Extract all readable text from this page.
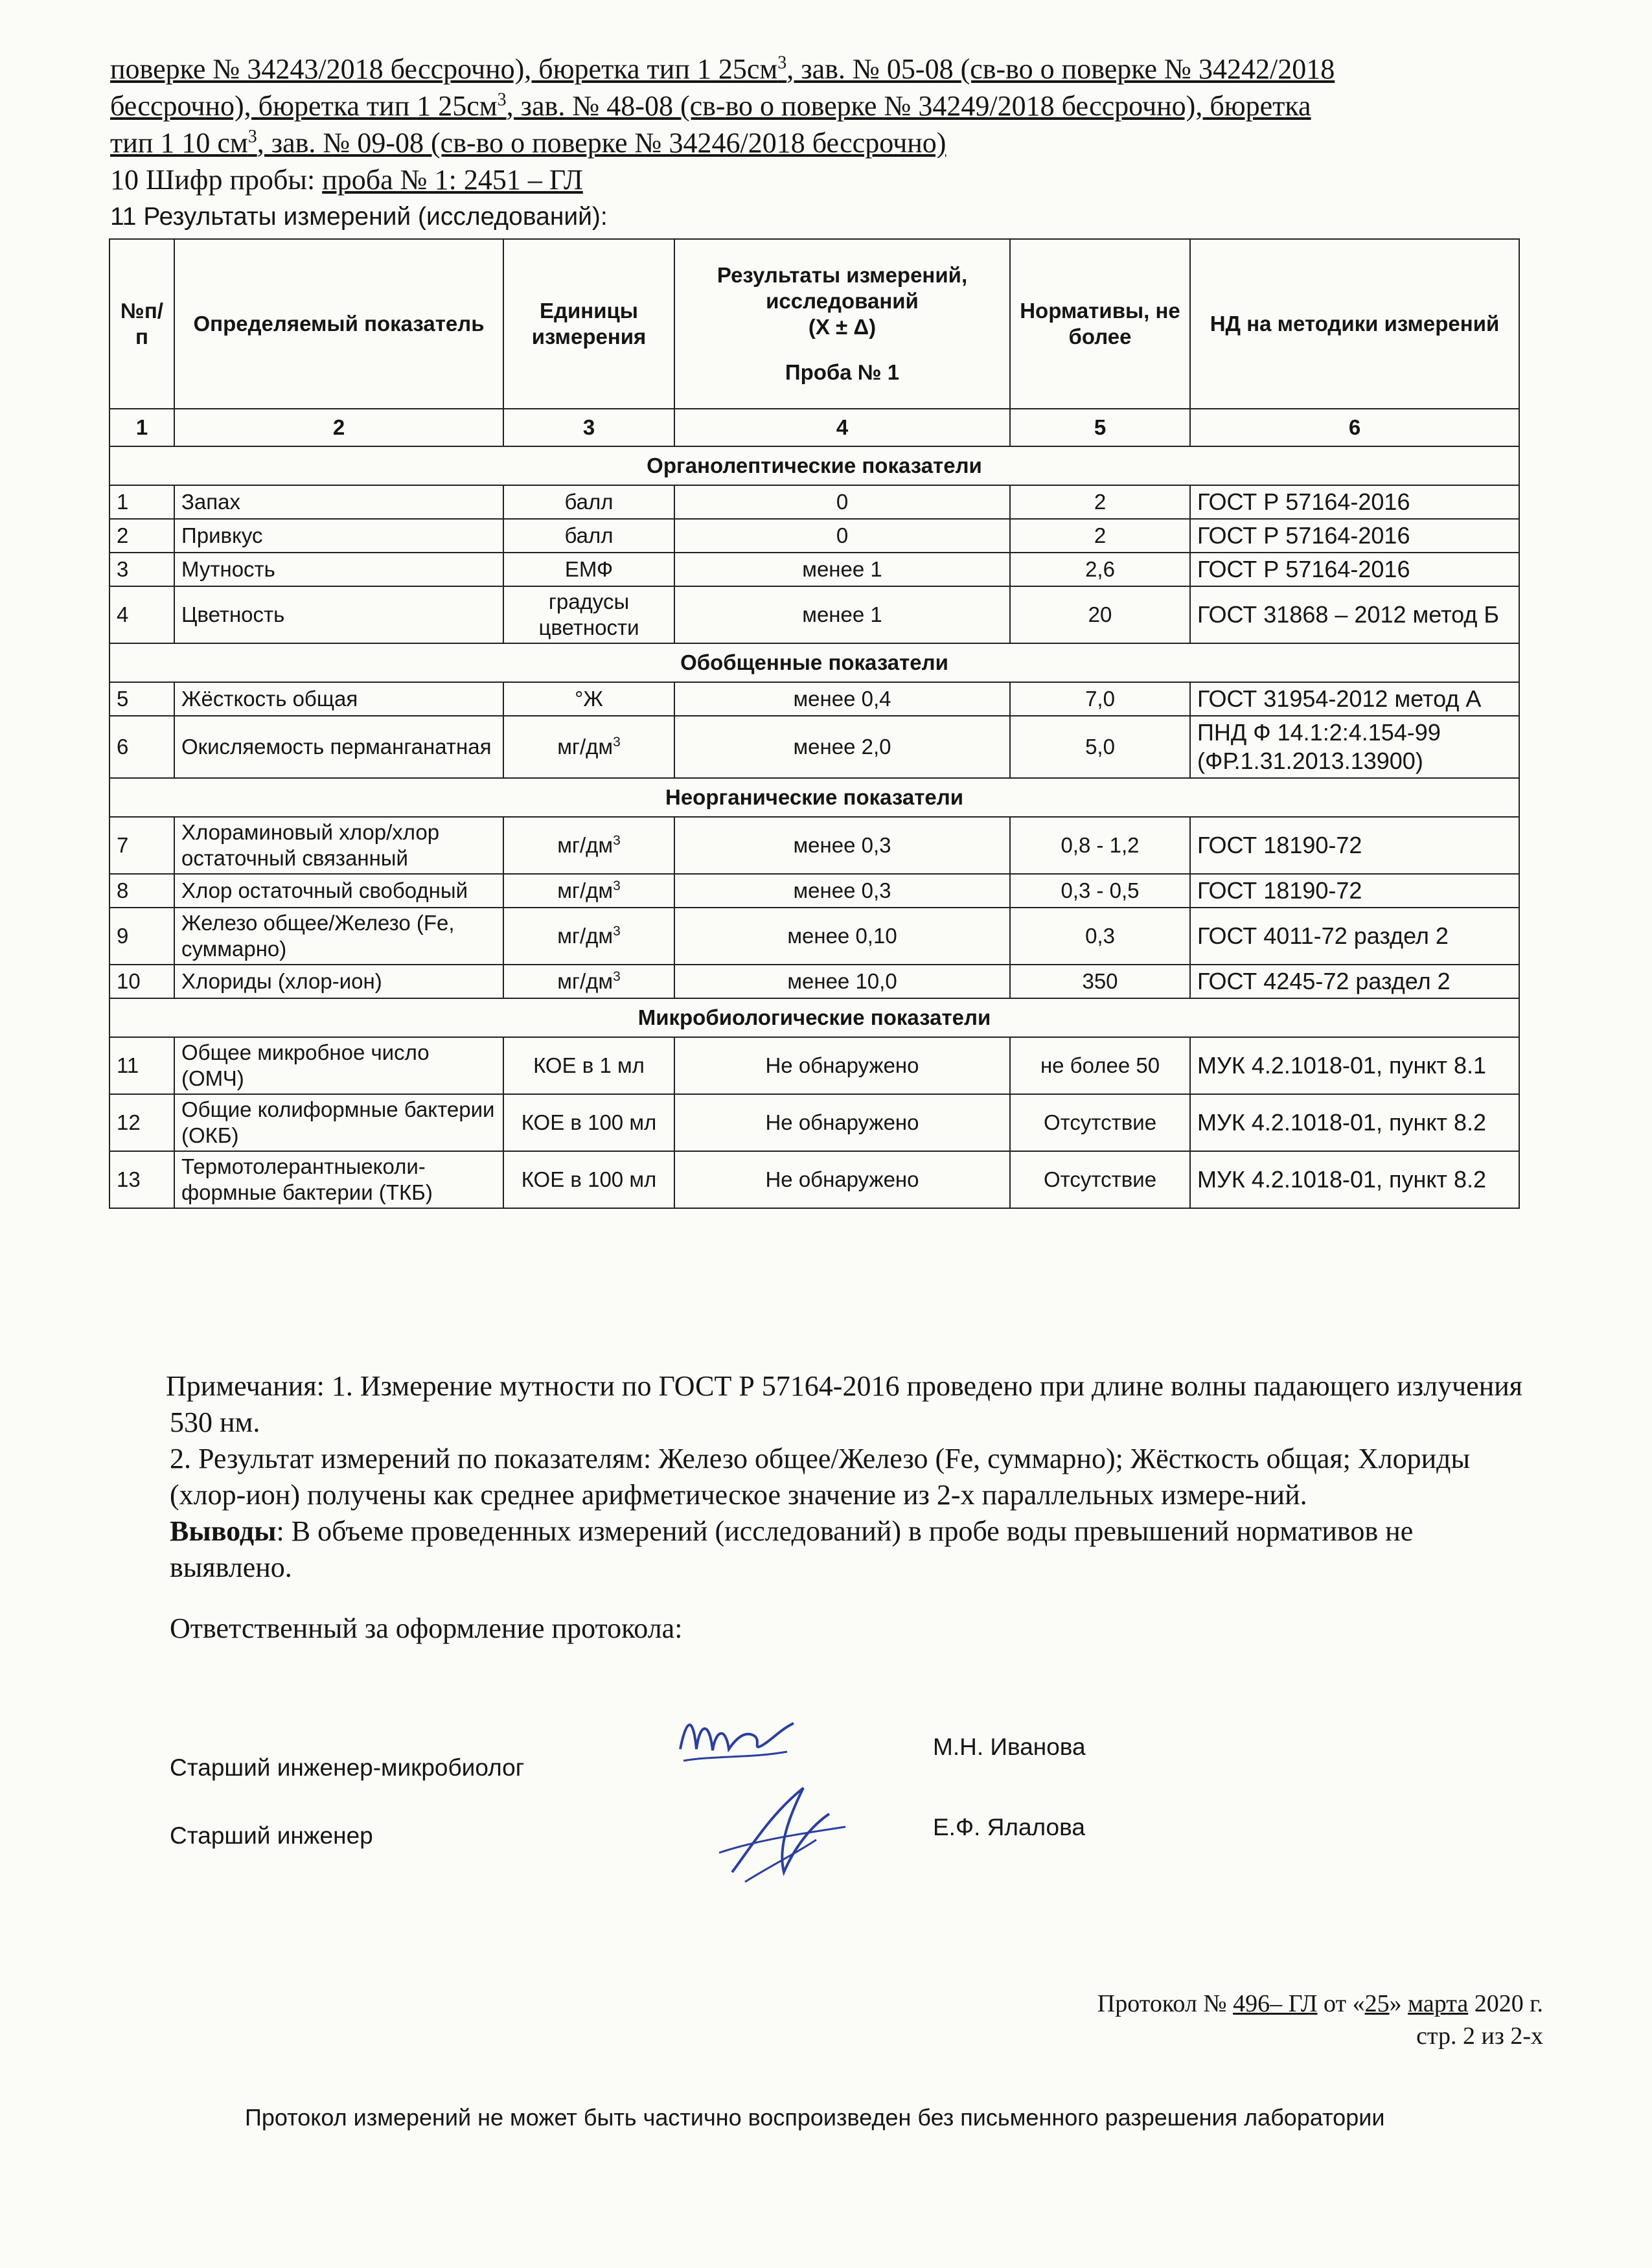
поверке № 34243/2018 бессрочно), бюретка тип 1 $25см^3$, зав. № 05-08 (св-во о поверке № 34242/2018
бессрочно), бюретка тип 1 $25см^3$, зав. № 48-08 (св-во о поверке № 34249/2018 бессрочно), бюретка
тип 1 10 $см^3$, зав. № 09-08 (св-во о поверке № 34246/2018 бессрочно)
10 Шифр пробы: проба № 1: 2451 – ГЛ
11 Результаты измерений (исследований):
№п/п	Определяемый показатель	Единицы измерения	Результаты измерений, исследований
(X ± Δ)
Проба № 1	Нормативы, не более	НД на методики измерений
1	2	3	4	5	6
Органолептические показатели					
1	Запах	балл	0	2	ГОСТ Р 57164-2016
2	Привкус	балл	0	2	ГОСТ Р 57164-2016
3	Мутность	ЕМФ	менее 1	2,6	ГОСТ Р 57164-2016
4	Цветность	градусы цветности	менее 1	20	ГОСТ 31868 – 2012 метод Б
Обобщенные показатели					
5	Жёсткость общая	°Ж	менее 0,4	7,0	ГОСТ 31954-2012 метод А
6	Окисляемость перманганатная	$мг/дм^3$	менее 2,0	5,0	ПНД Ф 14.1:2:4.154-99 (ФР.1.31.2013.13900)
Неорганические показатели					
7	Хлораминовый хлор/хлор остаточный связанный	$мг/дм^3$	менее 0,3	0,8 - 1,2	ГОСТ 18190-72
8	Хлор остаточный свободный	$мг/дм^3$	менее 0,3	0,3 - 0,5	ГОСТ 18190-72
9	Железо общее/Железо (Fe, суммарно)	$мг/дм^3$	менее 0,10	0,3	ГОСТ 4011-72 раздел 2
10	Хлориды (хлор-ион)	$мг/дм^3$	менее 10,0	350	ГОСТ 4245-72 раздел 2
Микробиологические показатели					
11	Общее микробное число (ОМЧ)	КОЕ в 1 мл	Не обнаружено	не более 50	МУК 4.2.1018-01, пункт 8.1
12	Общие колиформные бактерии (ОКБ)	КОЕ в 100 мл	Не обнаружено	Отсутствие	МУК 4.2.1018-01, пункт 8.2
13	Термотолерантныеколи-формные бактерии (ТКБ)	КОЕ в 100 мл	Не обнаружено	Отсутствие	МУК 4.2.1018-01, пункт 8.2

Примечания: 1. Измерение мутности по ГОСТ Р 57164-2016 проведено при длине волны падающего излучения 530 нм.

2. Результат измерений по показателям: Железо общее/Железо (Fe, суммарно); Жёсткость общая; Хлориды (хлор-ион) получены как среднее арифметическое значение из 2-х параллельных измере-ний.

Выводы: В объеме проведенных измерений (исследований) в пробе воды превышений нормативов не выявлено.

Ответственный за оформление протокола:

Старший инженер-микробиолог
М.Н. Иванова
Старший инженер	Е.Ф. Ялалова
Протокол № 496– ГЛ от «25» марта 2020 г.
стр. 2 из 2-х
Протокол измерений не может быть частично воспроизведен без письменного разрешения лаборатории
